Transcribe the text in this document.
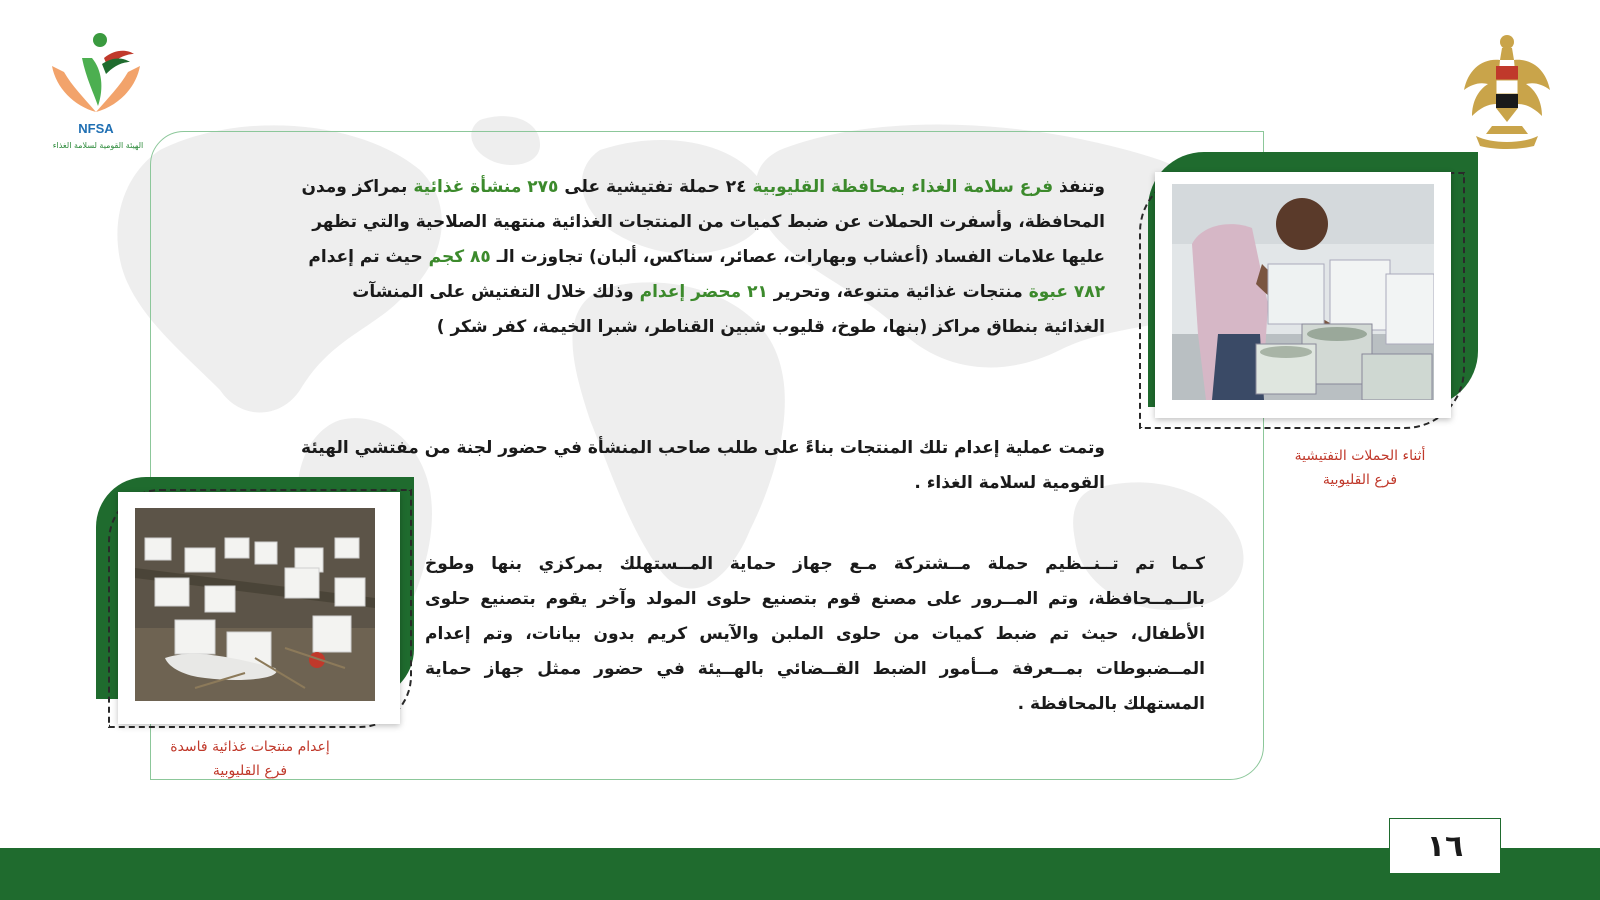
NFSA
الهيئة القومية لسلامة الغذاء
وتنفذ فرع سلامة الغذاء بمحافظة القليوبية ٢٤ حملة تفتيشية على ٢٧٥ منشأة غذائية بمراكز ومدن المحافظة، وأسفرت الحملات عن ضبط كميات من المنتجات الغذائية منتهية الصلاحية والتي تظهر عليها علامات الفساد (أعشاب وبهارات، عصائر، سناكس، ألبان) تجاوزت الـ ٨٥ كجم حيث تم إعدام ٧٨٢ عبوة منتجات غذائية متنوعة، وتحرير ٢١ محضر إعدام وذلك خلال التفتيش على المنشآت الغذائية بنطاق مراكز (بنها، طوخ، قليوب شبين القناطر، شبرا الخيمة، كفر شكر )
وتمت عملية إعدام تلك المنتجات بناءً على طلب صاحب المنشأة في حضور لجنة من مفتشي الهيئة القومية لسلامة الغذاء .
كـما تم تــنــظيم حملة مــشتركة مـع جهاز حماية المــستهلك بمركزي بنها وطوخ بالــمــحافظة، وتم المــرور على مصنع قوم بتصنيع حلوى المولد وآخر يقوم بتصنيع حلوى الأطفال، حيث تم ضبط كميات من حلوى الملبن والآيس كريم بدون بيانات، وتم إعدام المــضبوطات بمــعرفة مــأمور الضبط القــضائي بالهــيئة في حضور ممثل جهاز حماية المستهلك بالمحافظة .
أثناء الحملات التفتيشية
فرع القليوبية
إعدام منتجات غذائية فاسدة
فرع القليوبية
١٦
